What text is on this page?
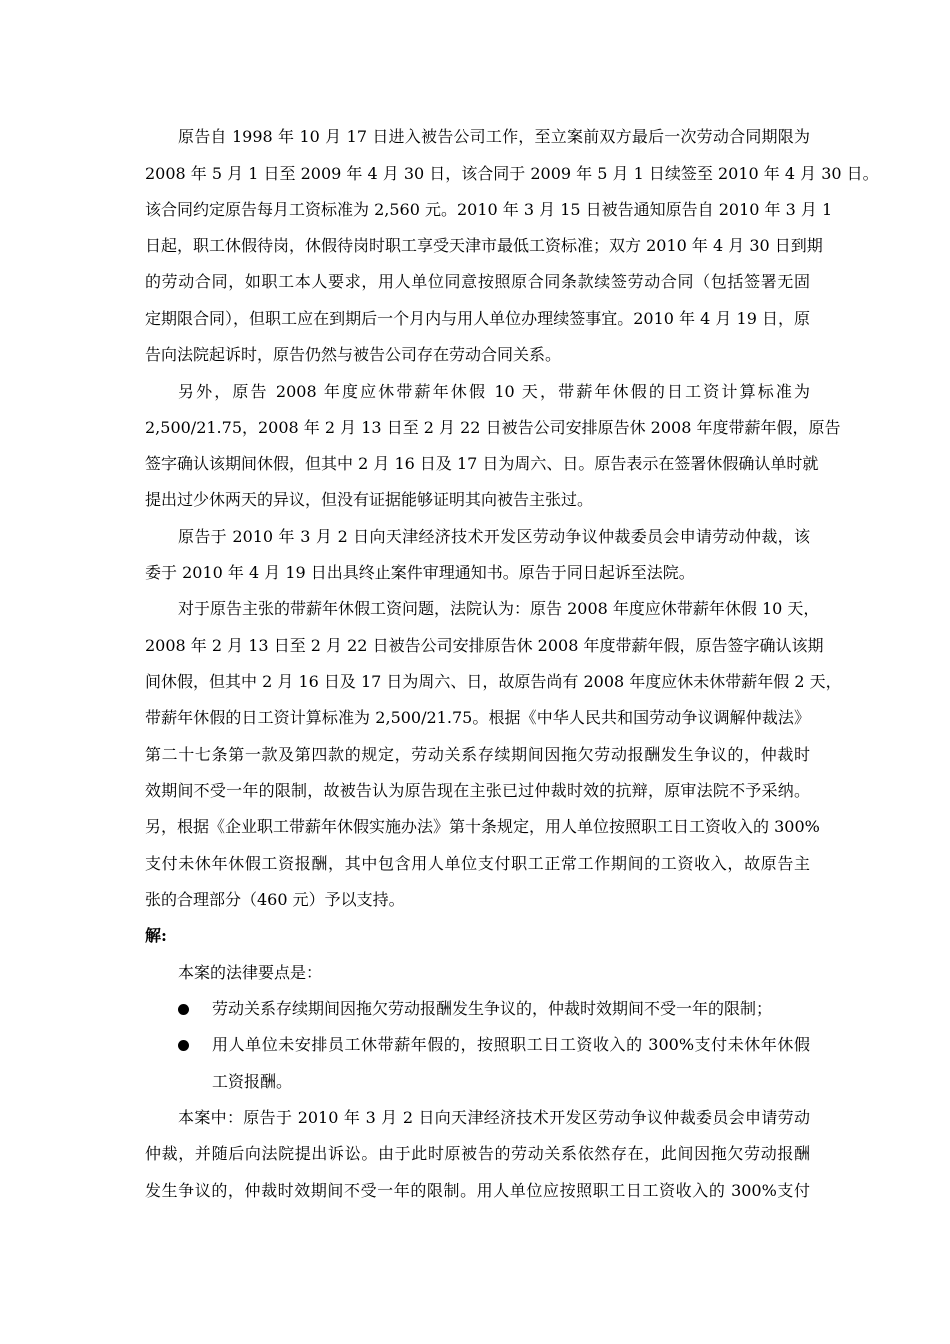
原告自 1998 年 10 月 17 日进入被告公司工作，至立案前双方最后一次劳动合同期限为
2008 年 5 月 1 日至 2009 年 4 月 30 日，该合同于 2009 年 5 月 1 日续签至 2010 年 4 月 30 日。
该合同约定原告每月工资标准为 2,560 元。2010 年 3 月 15 日被告通知原告自 2010 年 3 月 1
日起，职工休假待岗，休假待岗时职工享受天津市最低工资标准；双方 2010 年 4 月 30 日到期
的劳动合同，如职工本人要求，用人单位同意按照原合同条款续签劳动合同（包括签署无固
定期限合同），但职工应在到期后一个月内与用人单位办理续签事宜。2010 年 4 月 19 日，原
告向法院起诉时，原告仍然与被告公司存在劳动合同关系。
另外，原告 2008 年度应休带薪年休假 10 天，带薪年休假的日工资计算标准为
2,500/21.75，2008 年 2 月 13 日至 2 月 22 日被告公司安排原告休 2008 年度带薪年假，原告
签字确认该期间休假，但其中 2 月 16 日及 17 日为周六、日。原告表示在签署休假确认单时就
提出过少休两天的异议，但没有证据能够证明其向被告主张过。
原告于 2010 年 3 月 2 日向天津经济技术开发区劳动争议仲裁委员会申请劳动仲裁，该
委于 2010 年 4 月 19 日出具终止案件审理通知书。原告于同日起诉至法院。
对于原告主张的带薪年休假工资问题，法院认为：原告 2008 年度应休带薪年休假 10 天，
2008 年 2 月 13 日至 2 月 22 日被告公司安排原告休 2008 年度带薪年假，原告签字确认该期
间休假，但其中 2 月 16 日及 17 日为周六、日，故原告尚有 2008 年度应休未休带薪年假 2 天，
带薪年休假的日工资计算标准为 2,500/21.75。根据《中华人民共和国劳动争议调解仲裁法》
第二十七条第一款及第四款的规定，劳动关系存续期间因拖欠劳动报酬发生争议的，仲裁时
效期间不受一年的限制，故被告认为原告现在主张已过仲裁时效的抗辩，原审法院不予采纳。
另，根据《企业职工带薪年休假实施办法》第十条规定，用人单位按照职工日工资收入的 300%
支付未休年休假工资报酬，其中包含用人单位支付职工正常工作期间的工资收入，故原告主
张的合理部分（460 元）予以支持。
解:
本案的法律要点是：
劳动关系存续期间因拖欠劳动报酬发生争议的，仲裁时效期间不受一年的限制；
用人单位未安排员工休带薪年假的，按照职工日工资收入的 300%支付未休年休假
工资报酬。
本案中：原告于 2010 年 3 月 2 日向天津经济技术开发区劳动争议仲裁委员会申请劳动
仲裁，并随后向法院提出诉讼。由于此时原被告的劳动关系依然存在，此间因拖欠劳动报酬
发生争议的，仲裁时效期间不受一年的限制。用人单位应按照职工日工资收入的 300%支付
